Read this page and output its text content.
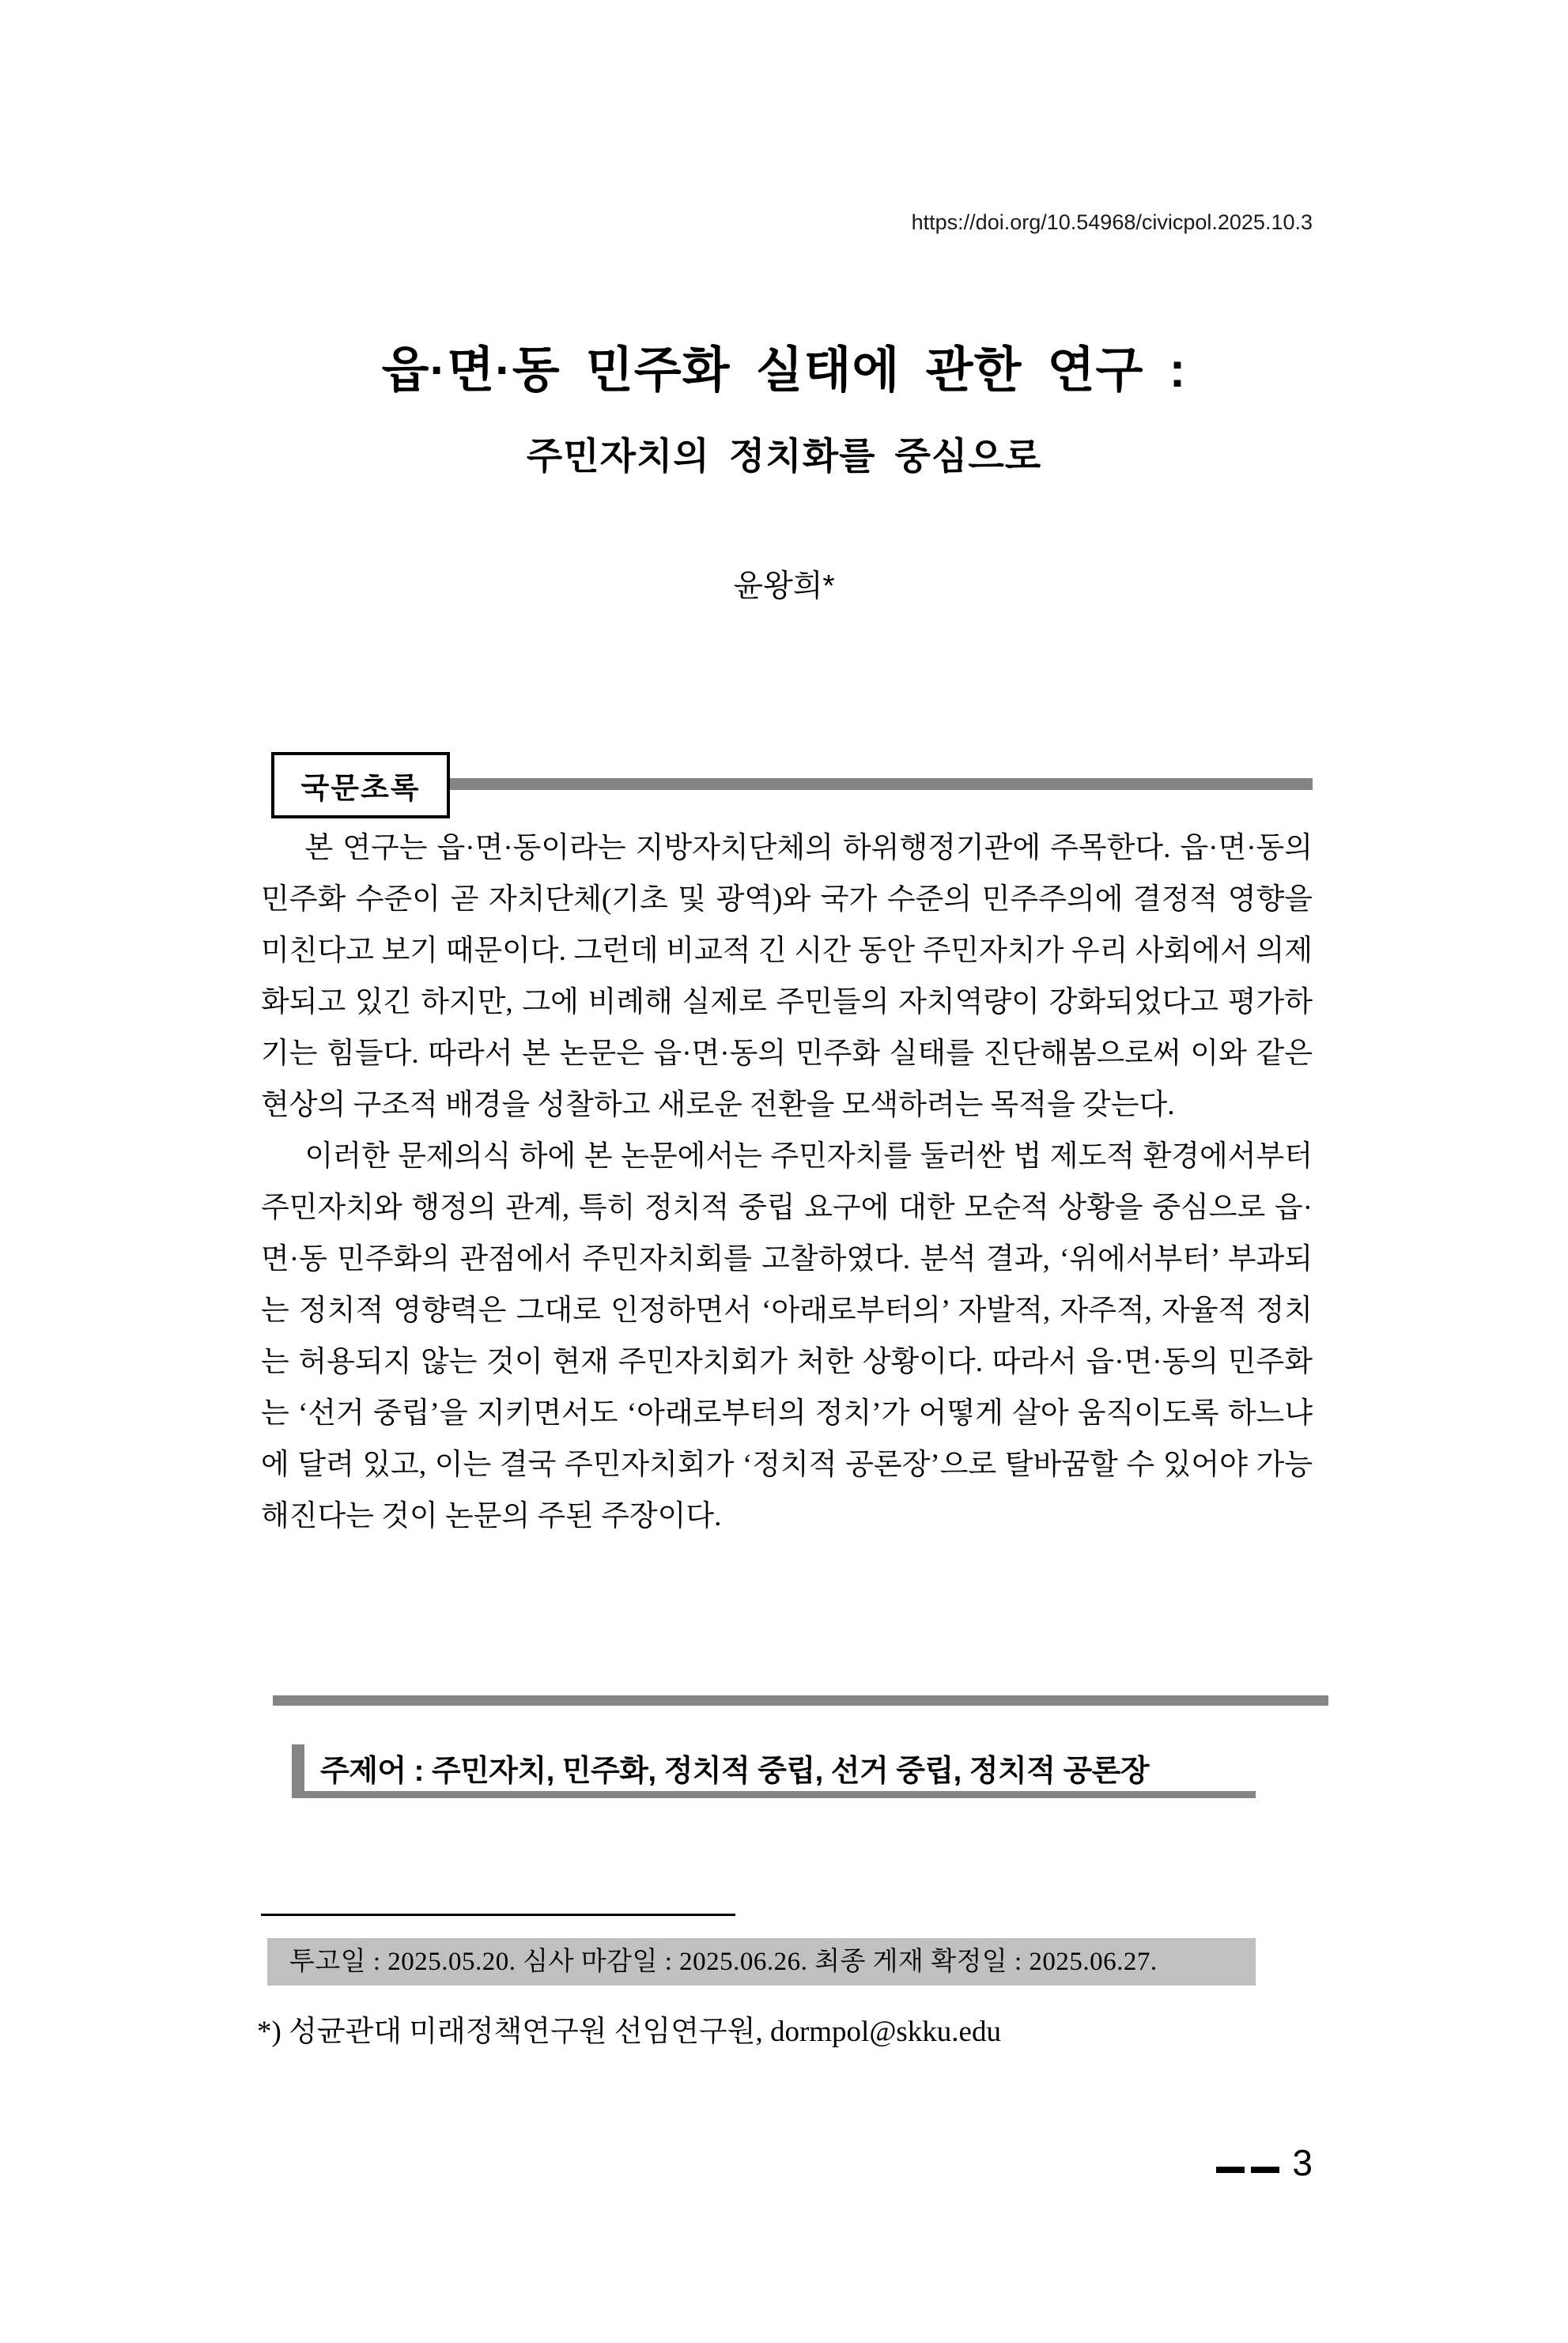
https://doi.org/10.54968/civicpol.2025.10.3
읍·면·동 민주화 실태에 관한 연구 :
주민자치의 정치화를 중심으로
윤왕희*
국문초록

본 연구는 읍·면·동이라는 지방자치단체의 하위행정기관에 주목한다. 읍·면·동의 민주화 수준이 곧 자치단체(기초 및 광역)와 국가 수준의 민주주의에 결정적 영향을 미친다고 보기 때문이다. 그런데 비교적 긴 시간 동안 주민자치가 우리 사회에서 의제화되고 있긴 하지만, 그에 비례해 실제로 주민들의 자치역량이 강화되었다고 평가하기는 힘들다. 따라서 본 논문은 읍·면·동의 민주화 실태를 진단해봄으로써 이와 같은 현상의 구조적 배경을 성찰하고 새로운 전환을 모색하려는 목적을 갖는다.

이러한 문제의식 하에 본 논문에서는 주민자치를 둘러싼 법 제도적 환경에서부터 주민자치와 행정의 관계, 특히 정치적 중립 요구에 대한 모순적 상황을 중심으로 읍·면·동 민주화의 관점에서 주민자치회를 고찰하였다. 분석 결과, ‘위에서부터’ 부과되는 정치적 영향력은 그대로 인정하면서 ‘아래로부터의’ 자발적, 자주적, 자율적 정치는 허용되지 않는 것이 현재 주민자치회가 처한 상황이다. 따라서 읍·면·동의 민주화는 ‘선거 중립’을 지키면서도 ‘아래로부터의 정치’가 어떻게 살아 움직이도록 하느냐에 달려 있고, 이는 결국 주민자치회가 ‘정치적 공론장’으로 탈바꿈할 수 있어야 가능해진다는 것이 논문의 주된 주장이다.

주제어 : 주민자치, 민주화, 정치적 중립, 선거 중립, 정치적 공론장
투고일 : 2025.05.20. 심사 마감일 : 2025.06.26. 최종 게재 확정일 : 2025.06.27.
*) 성균관대 미래정책연구원 선임연구원, dormpol@skku.edu
3
